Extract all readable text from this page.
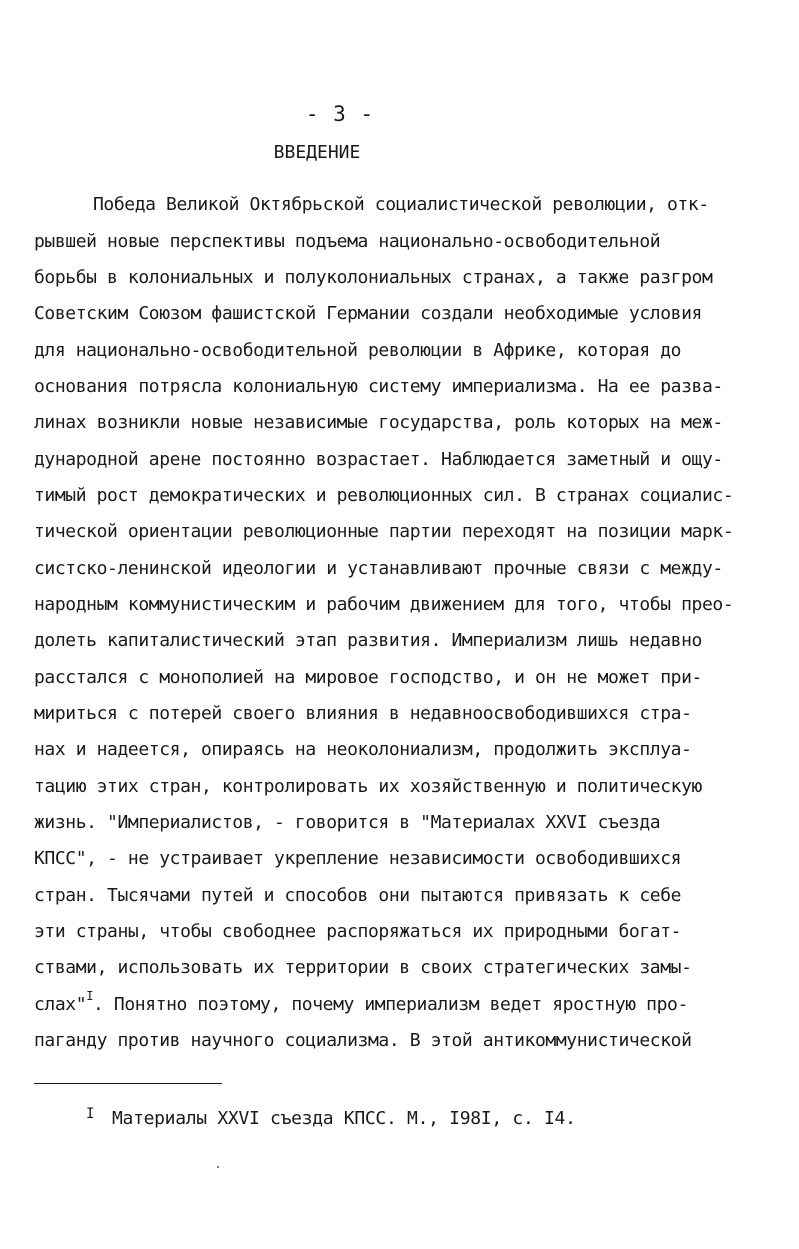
- 3 -
ВВЕДЕНИЕ
Победа Великой Октябрьской социалистической революции, отк-
рывшей новые перспективы подъема национально-освободительной
борьбы в колониальных и полуколониальных странах, а также разгром
Советским Союзом фашистской Германии создали необходимые условия
для национально-освободительной революции в Африке, которая до
основания потрясла колониальную систему империализма. На ее разва-
линах возникли новые независимые государства, роль которых на меж-
дународной арене постоянно возрастает. Наблюдается заметный и ощу-
тимый рост демократических и революционных сил. В странах социалис-
тической ориентации революционные партии переходят на позиции марк-
систско-ленинской идеологии и устанавливают прочные связи с между-
народным коммунистическим и рабочим движением для того, чтобы прео-
долеть капиталистический этап развития. Империализм лишь недавно
расстался с монополией на мировое господство, и он не может при-
мириться с потерей своего влияния в недавноосвободившихся стра-
нах и надеется, опираясь на неоколониализм, продолжить эксплуа-
тацию этих стран, контролировать их хозяйственную и политическую
жизнь. "Империалистов, - говорится в "Материалах XXVI съезда
КПСС", - не устраивает укрепление независимости освободившихся
стран. Тысячами путей и способов они пытаются привязать к себе
эти страны, чтобы свободнее распоряжаться их природными богат-
ствами, использовать их территории в своих стратегических замы-
слах"$^I$. Понятно поэтому, почему империализм ведет яростную про-
паганду против научного социализма. В этой антикоммунистической
I Материалы XXVI съезда КПСС. М., I98I, с. I4.
